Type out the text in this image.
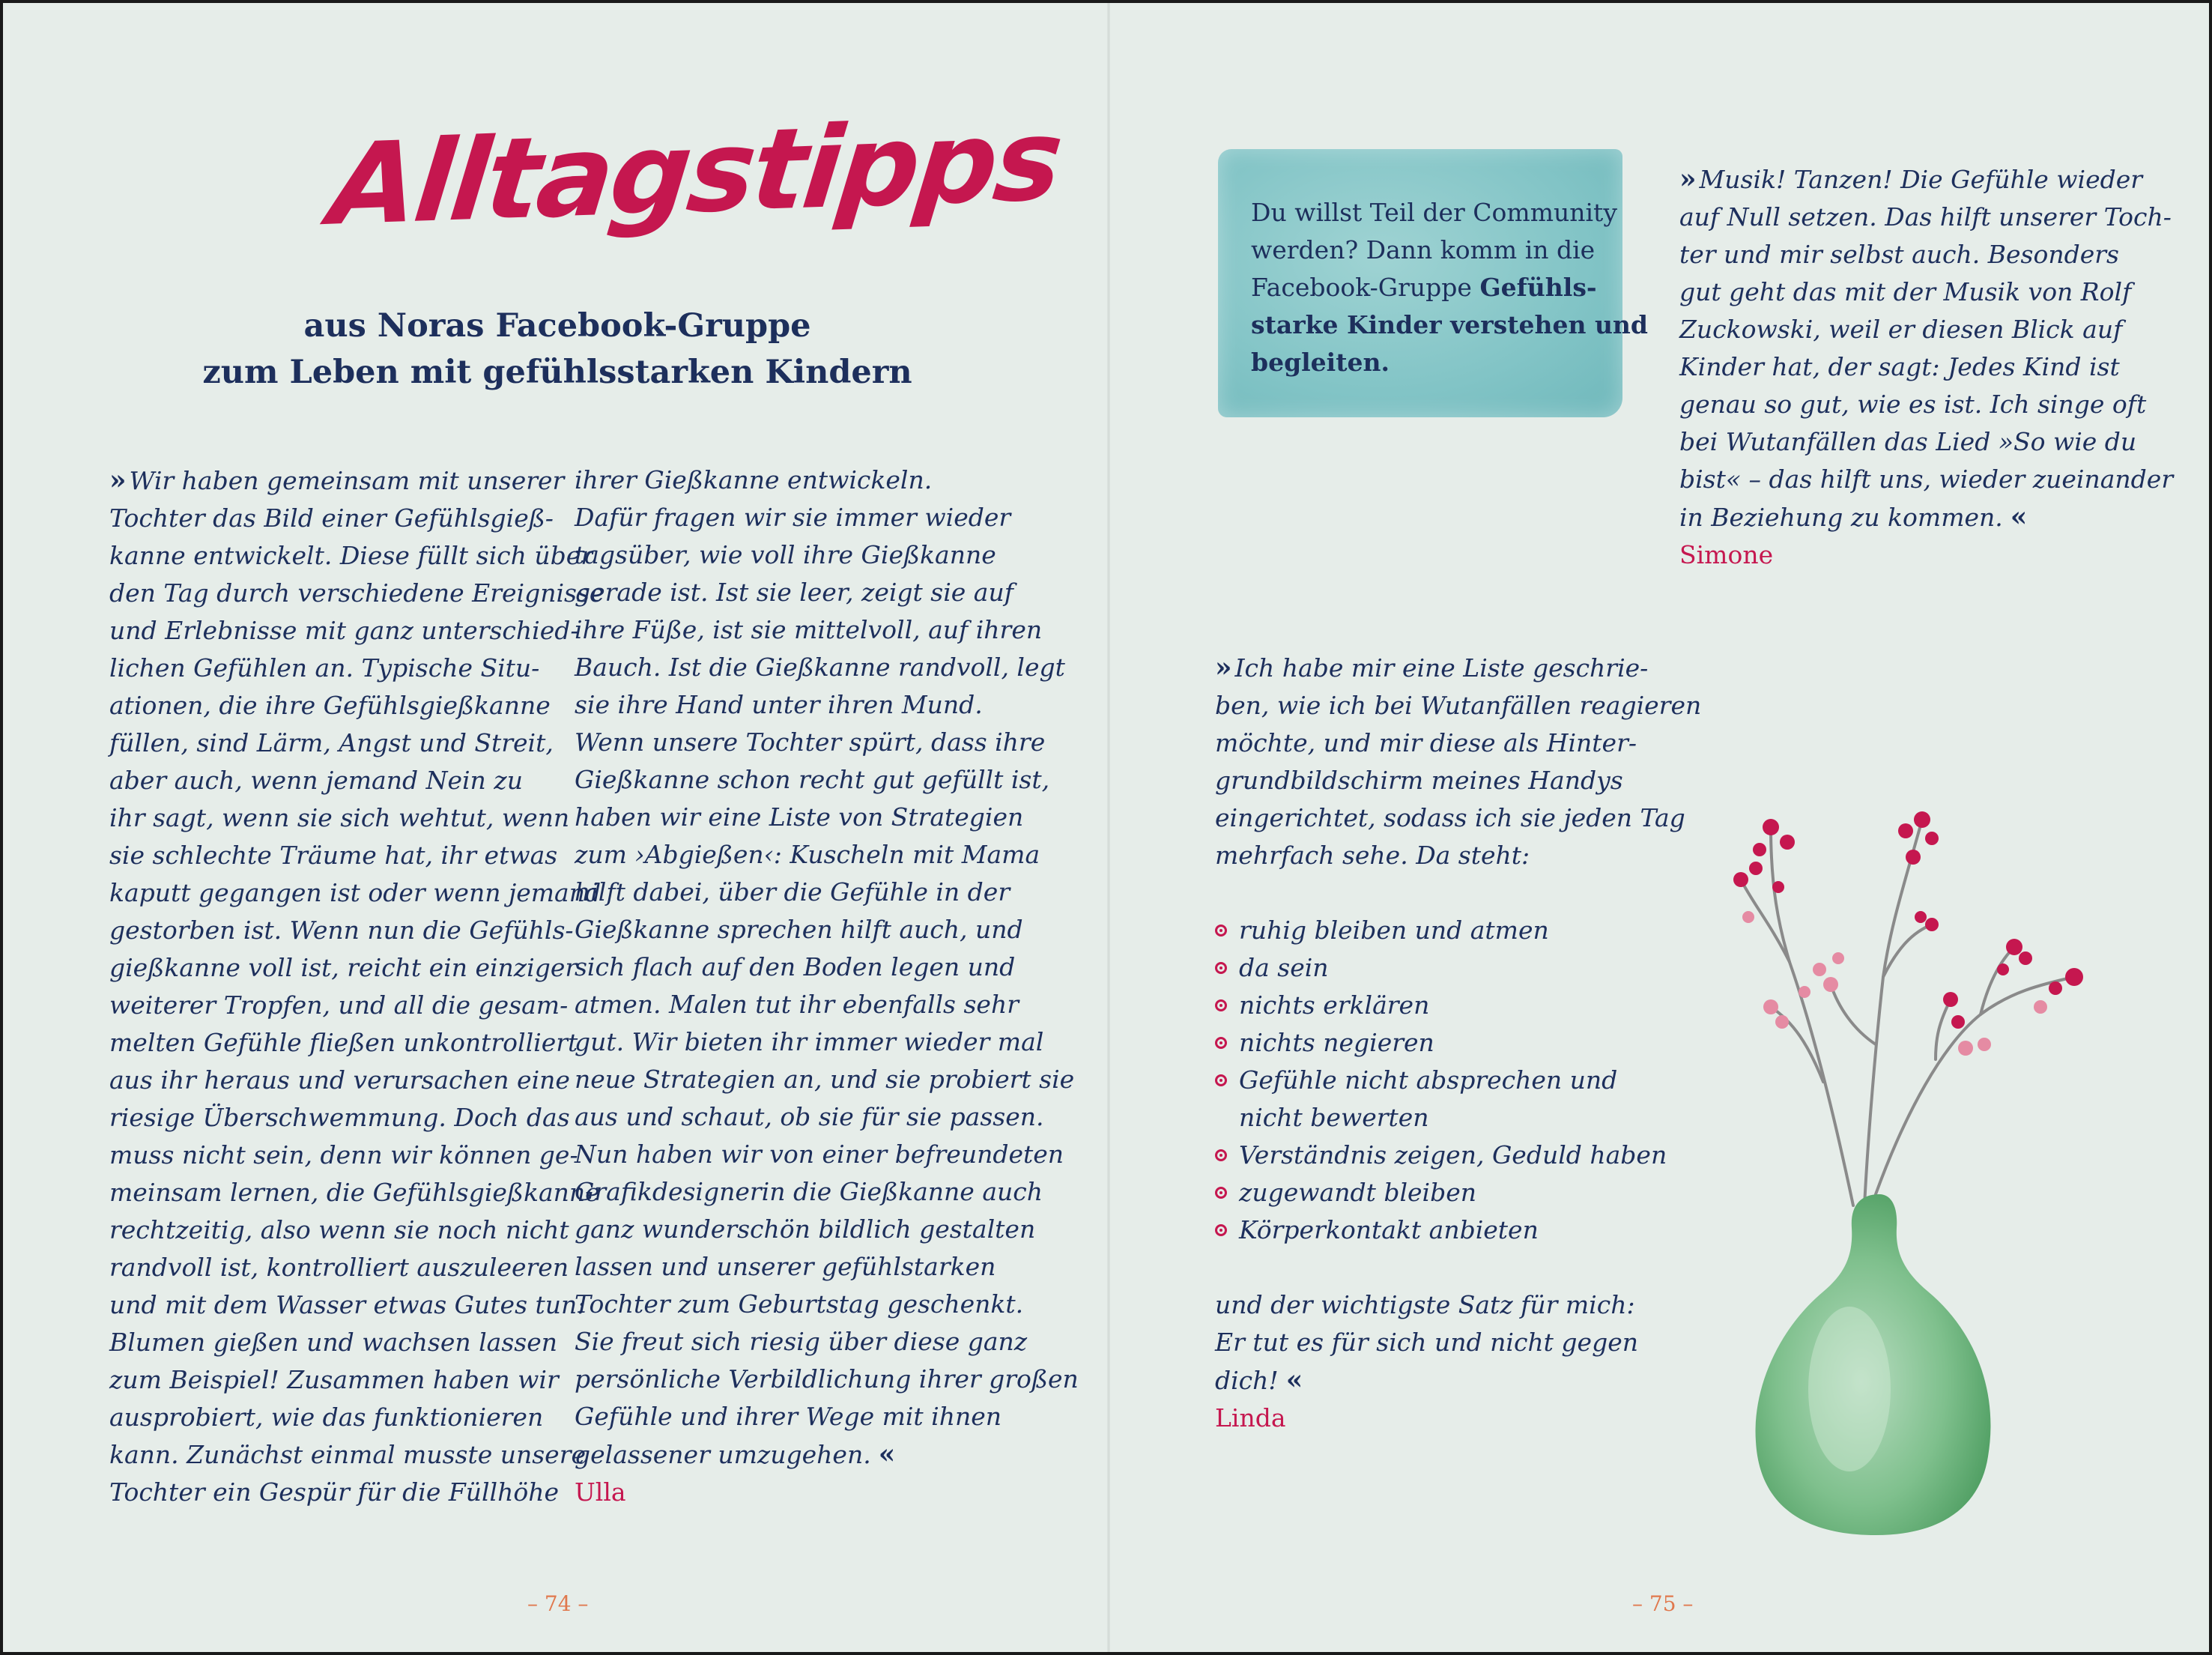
Alltagstipps
aus Noras Facebook-Gruppe
zum Leben mit gefühlsstarken Kindern
» Wir haben gemeinsam mit unserer
Tochter das Bild einer Gefühlsgieß-
kanne entwickelt. Diese füllt sich über
den Tag durch verschiedene Ereignisse
und Erlebnisse mit ganz unterschied-
lichen Gefühlen an. Typische Situ-
ationen, die ihre Gefühlsgießkanne
füllen, sind Lärm, Angst und Streit,
aber auch, wenn jemand Nein zu
ihr sagt, wenn sie sich wehtut, wenn
sie schlechte Träume hat, ihr etwas
kaputt gegangen ist oder wenn jemand
gestorben ist. Wenn nun die Gefühls-
gießkanne voll ist, reicht ein einziger
weiterer Tropfen, und all die gesam-
melten Gefühle fließen unkontrolliert
aus ihr heraus und verursachen eine
riesige Überschwemmung. Doch das
muss nicht sein, denn wir können ge-
meinsam lernen, die Gefühlsgießkanne
rechtzeitig, also wenn sie noch nicht
randvoll ist, kontrolliert auszuleeren
und mit dem Wasser etwas Gutes tun:
Blumen gießen und wachsen lassen
zum Beispiel! Zusammen haben wir
ausprobiert, wie das funktionieren
kann. Zunächst einmal musste unsere
Tochter ein Gespür für die Füllhöhe
ihrer Gießkanne entwickeln.
Dafür fragen wir sie immer wieder
tagsüber, wie voll ihre Gießkanne
gerade ist. Ist sie leer, zeigt sie auf
ihre Füße, ist sie mittelvoll, auf ihren
Bauch. Ist die Gießkanne randvoll, legt
sie ihre Hand unter ihren Mund.
Wenn unsere Tochter spürt, dass ihre
Gießkanne schon recht gut gefüllt ist,
haben wir eine Liste von Strategien
zum ›Abgießen‹: Kuscheln mit Mama
hilft dabei, über die Gefühle in der
Gießkanne sprechen hilft auch, und
sich flach auf den Boden legen und
atmen. Malen tut ihr ebenfalls sehr
gut. Wir bieten ihr immer wieder mal
neue Strategien an, und sie probiert sie
aus und schaut, ob sie für sie passen.
Nun haben wir von einer befreundeten
Grafikdesignerin die Gießkanne auch
ganz wunderschön bildlich gestalten
lassen und unserer gefühlstarken
Tochter zum Geburtstag geschenkt.
Sie freut sich riesig über diese ganz
persönliche Verbildlichung ihrer großen
Gefühle und ihrer Wege mit ihnen
gelassener umzugehen. «
Ulla
Du willst Teil der Community
werden? Dann komm in die
Facebook-Gruppe Gefühls-
starke Kinder verstehen und
begleiten.
» Musik! Tanzen! Die Gefühle wieder
auf Null setzen. Das hilft unserer Toch-
ter und mir selbst auch. Besonders
gut geht das mit der Musik von Rolf
Zuckowski, weil er diesen Blick auf
Kinder hat, der sagt: Jedes Kind ist
genau so gut, wie es ist. Ich singe oft
bei Wutanfällen das Lied »So wie du
bist« – das hilft uns, wieder zueinander
in Beziehung zu kommen. «
Simone
» Ich habe mir eine Liste geschrie-
ben, wie ich bei Wutanfällen reagieren
möchte, und mir diese als Hinter-
grundbildschirm meines Handys
eingerichtet, sodass ich sie jeden Tag
mehrfach sehe. Da steht:

ruhig bleiben und atmen
da sein
nichts erklären
nichts negieren
Gefühle nicht absprechen und
nicht bewerten
Verständnis zeigen, Geduld haben
zugewandt bleiben
Körperkontakt anbieten

und der wichtigste Satz für mich:
Er tut es für sich und nicht gegen
dich! «
Linda
– 74 –	– 75 –
